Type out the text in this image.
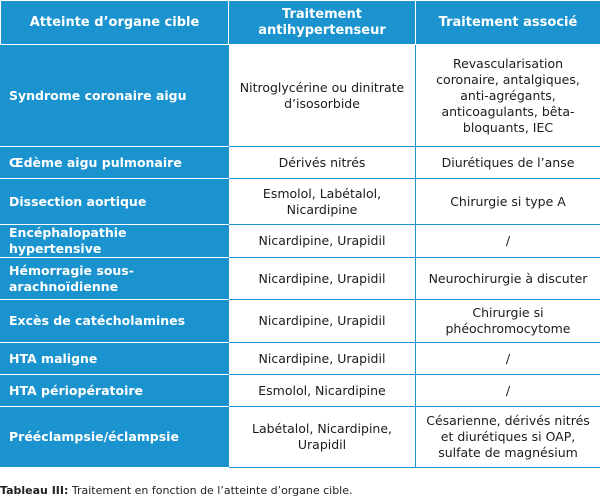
Atteinte d’organe cible	Traitement antihypertenseur	Traitement associé
Syndrome coronaire aigu	Nitroglycérine ou dinitrate d’isosorbide	Revascularisation coronaire, antalgiques, anti-agrégants, anticoagulants, bêta-bloquants, IEC
Œdème aigu pulmonaire	Dérivés nitrés	Diurétiques de l’anse
Dissection aortique	Esmolol, Labétalol, Nicardipine	Chirurgie si type A
Encéphalopathie hypertensive	Nicardipine, Urapidil	/
Hémorragie sous-arachnoïdienne	Nicardipine, Urapidil	Neurochirurgie à discuter
Excès de catécholamines	Nicardipine, Urapidil	Chirurgie si phéochromocytome
HTA maligne	Nicardipine, Urapidil	/
HTA périopératoire	Esmolol, Nicardipine	/
Prééclampsie/éclampsie	Labétalol, Nicardipine, Urapidil	Césarienne, dérivés nitrés et diurétiques si OAP, sulfate de magnésium
Tableau III: Traitement en fonction de l’atteinte d’organe cible.
